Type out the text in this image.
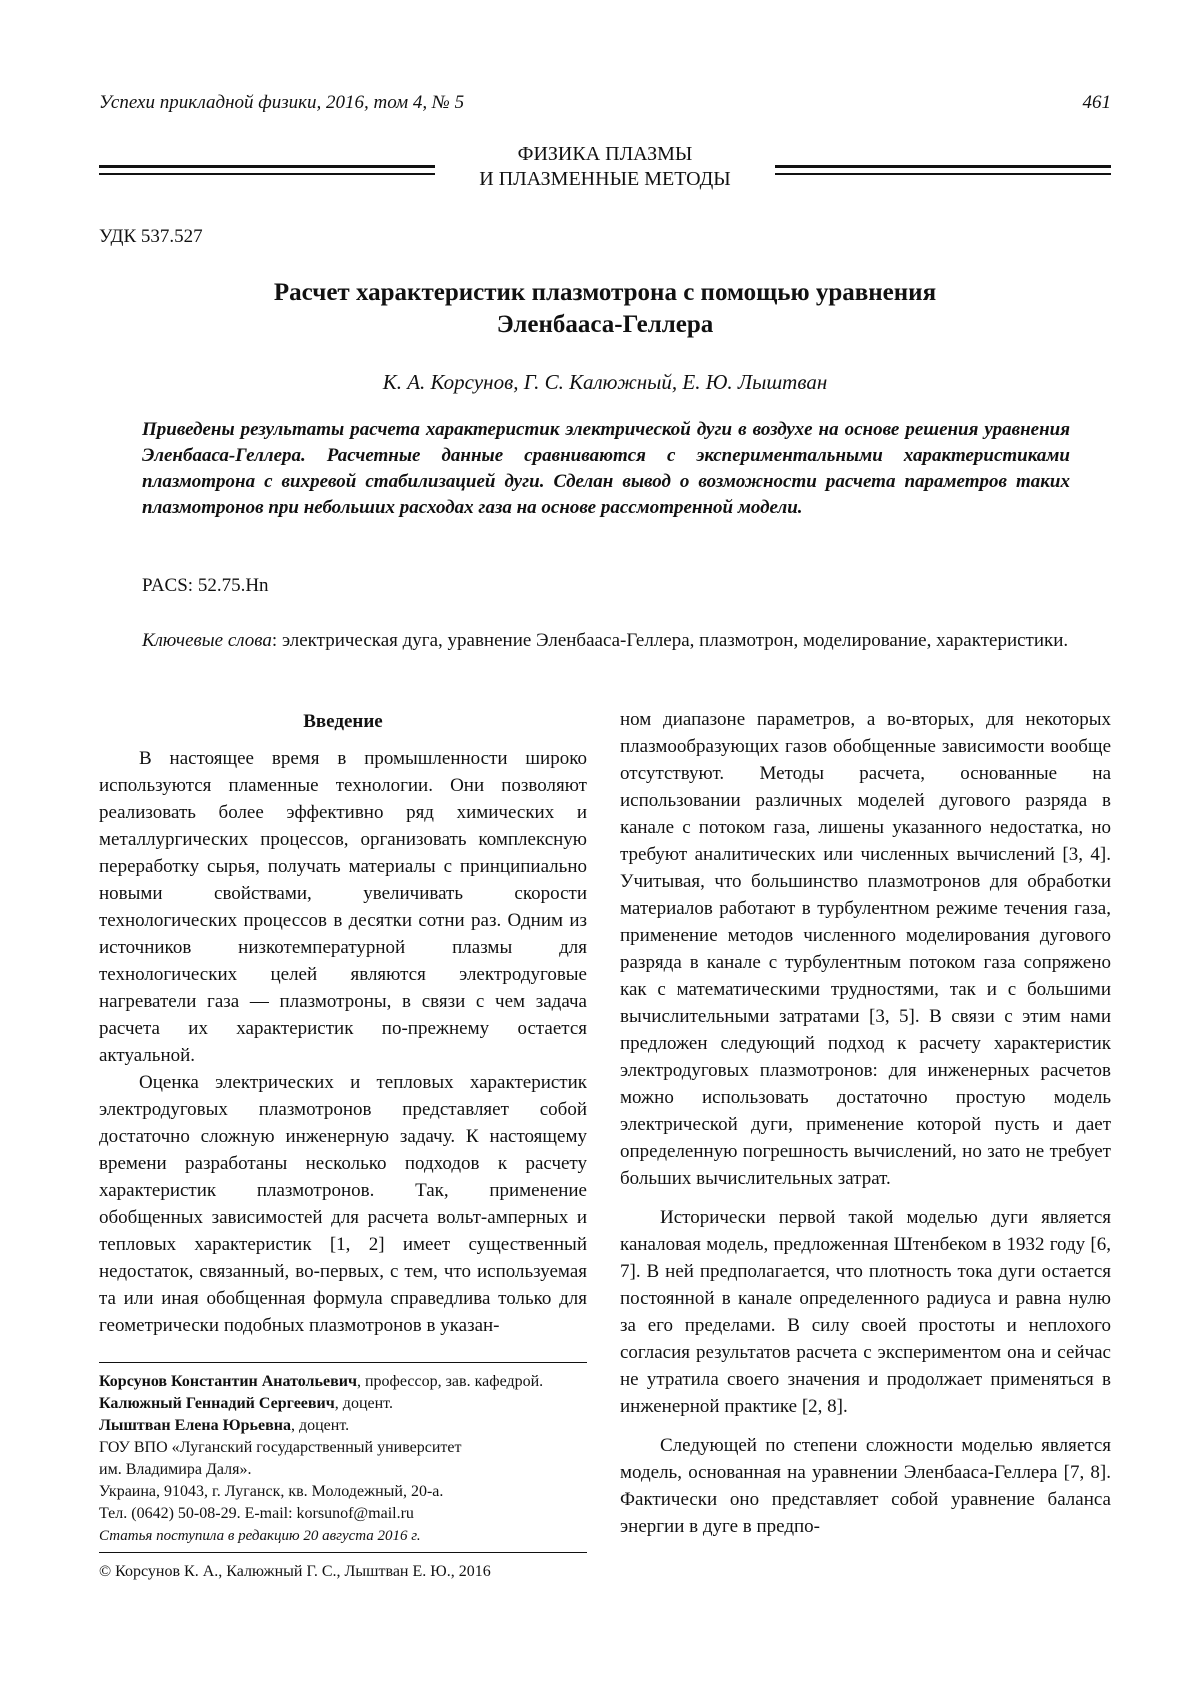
Успехи прикладной физики, 2016, том 4, № 5	461
ФИЗИКА ПЛАЗМЫ
И ПЛАЗМЕННЫЕ МЕТОДЫ
УДК 537.527
Расчет характеристик плазмотрона с помощью уравнения
Эленбааса-Геллера
К. А. Корсунов, Г. С. Калюжный, Е. Ю. Лыштван
Приведены результаты расчета характеристик электрической дуги в воздухе на основе решения уравнения Эленбааса-Геллера. Расчетные данные сравниваются с экспериментальными характеристиками плазмотрона с вихревой стабилизацией дуги. Сделан вывод о возможности расчета параметров таких плазмотронов при небольших расходах газа на основе рассмотренной модели.
PACS: 52.75.Hn
Ключевые слова: электрическая дуга, уравнение Эленбааса-Геллера, плазмотрон, моделирование, характеристики.
Введение

В настоящее время в промышленности широко используются пламенные технологии. Они позволяют реализовать более эффективно ряд химических и металлургических процессов, организовать комплексную переработку сырья, получать материалы с принципиально новыми свойствами, увеличивать скорости технологических процессов в десятки сотни раз. Одним из источников низкотемпературной плазмы для технологических целей являются электродуговые нагреватели газа — плазмотроны, в связи с чем задача расчета их характеристик по-прежнему остается актуальной.

Оценка электрических и тепловых характеристик электродуговых плазмотронов представляет собой достаточно сложную инженерную задачу. К настоящему времени разработаны несколько подходов к расчету характеристик плазмотронов. Так, применение обобщенных зависимостей для расчета вольт-амперных и тепловых характеристик [1, 2] имеет существенный недостаток, связанный, во-первых, с тем, что используемая та или иная обобщенная формула справедлива только для геометрически подобных плазмотронов в указан-

ном диапазоне параметров, а во-вторых, для некоторых плазмообразующих газов обобщенные зависимости вообще отсутствуют. Методы расчета, основанные на использовании различных моделей дугового разряда в канале с потоком газа, лишены указанного недостатка, но требуют аналитических или численных вычислений [3, 4]. Учитывая, что большинство плазмотронов для обработки материалов работают в турбулентном режиме течения газа, применение методов численного моделирования дугового разряда в канале с турбулентным потоком газа сопряжено как с математическими трудностями, так и с большими вычислительными затратами [3, 5]. В связи с этим нами предложен следующий подход к расчету характеристик электродуговых плазмотронов: для инженерных расчетов можно использовать достаточно простую модель электрической дуги, применение которой пусть и дает определенную погрешность вычислений, но зато не требует больших вычислительных затрат.

Исторически первой такой моделью дуги является каналовая модель, предложенная Штенбеком в 1932 году [6, 7]. В ней предполагается, что плотность тока дуги остается постоянной в канале определенного радиуса и равна нулю за его пределами. В силу своей простоты и неплохого согласия результатов расчета с экспериментом она и сейчас не утратила своего значения и продолжает применяться в инженерной практике [2, 8].

Следующей по степени сложности моделью является модель, основанная на уравнении Эленбааса-Геллера [7, 8]. Фактически оно представляет собой уравнение баланса энергии в дуге в предпо-

Корсунов Константин Анатольевич, профессор, зав. кафедрой.
Калюжный Геннадий Сергеевич, доцент.
Лыштван Елена Юрьевна, доцент.
ГОУ ВПО «Луганский государственный университет
им. Владимира Даля».
Украина, 91043, г. Луганск, кв. Молодежный, 20-а.
Тел. (0642) 50-08-29. E-mail: korsunof@mail.ru
Статья поступила в редакцию 20 августа 2016 г.
© Корсунов К. А., Калюжный Г. С., Лыштван Е. Ю., 2016
